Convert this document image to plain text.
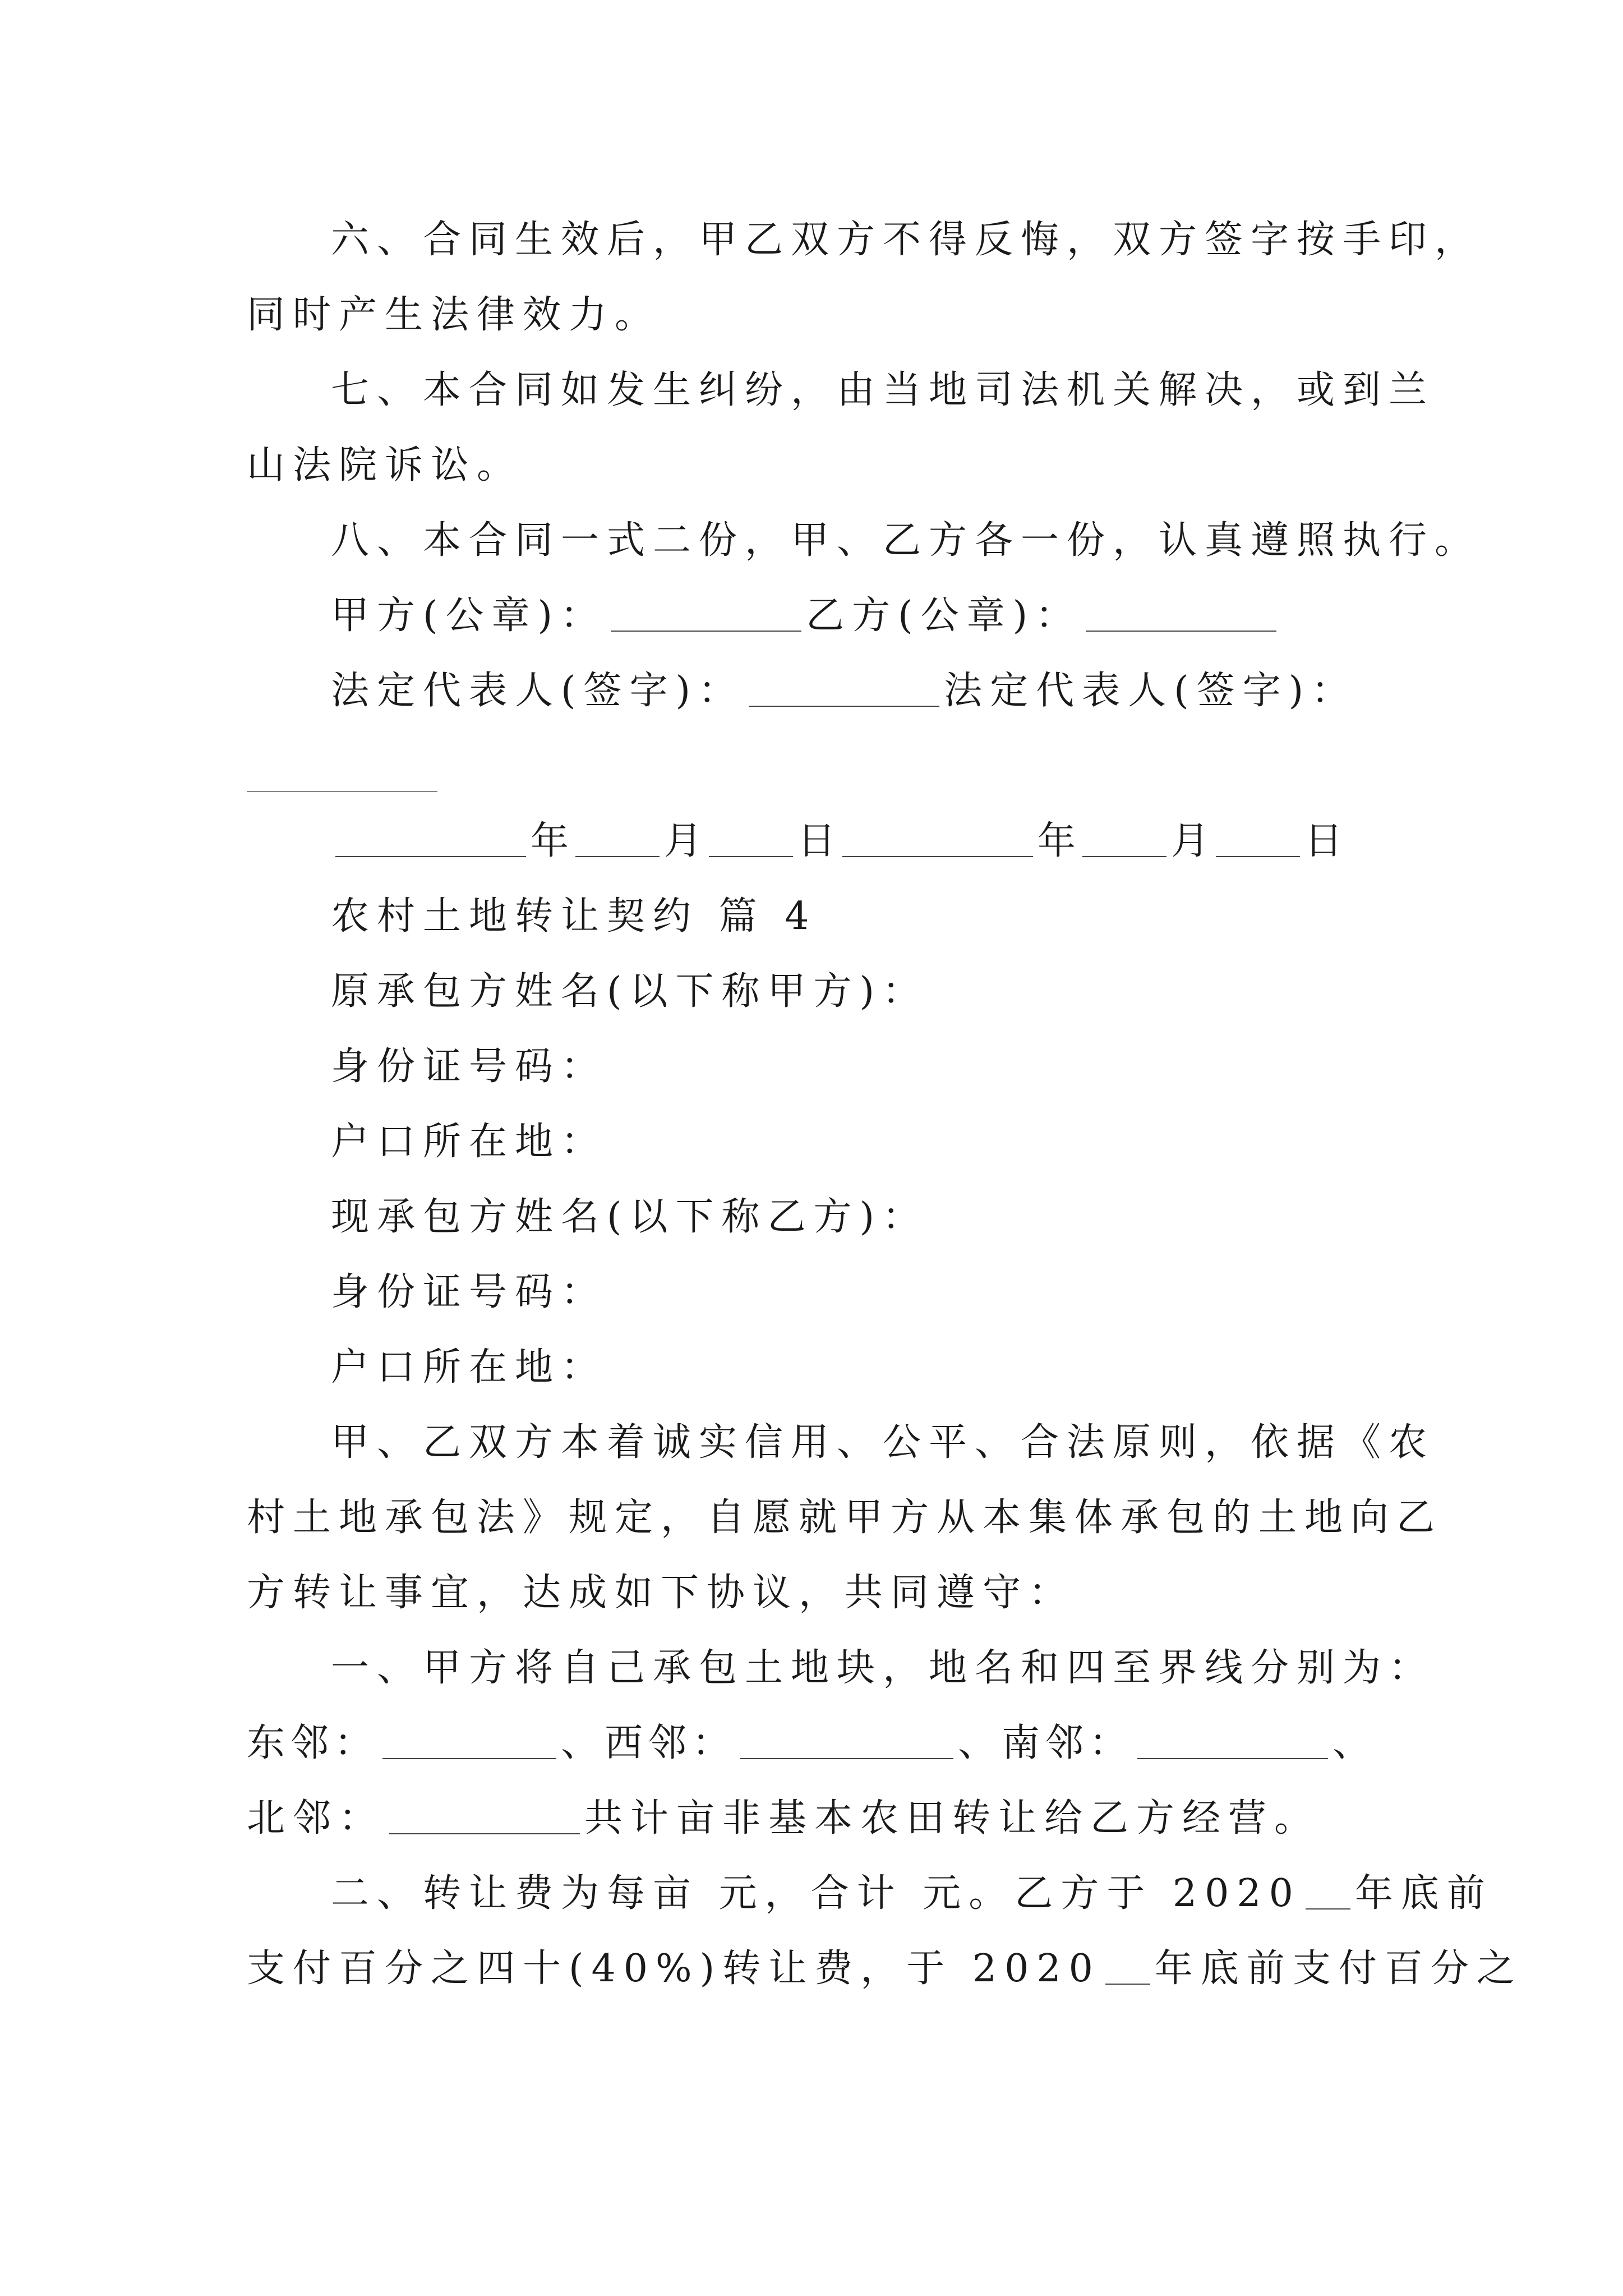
六、合同生效后，甲乙双方不得反悔，双方签字按手印，
同时产生法律效力。
七、本合同如发生纠纷，由当地司法机关解决，或到兰
山法院诉讼。
八、本合同一式二份，甲、乙方各一份，认真遵照执行。
甲方(公章)：	乙方(公章)：
法定代表人(签字)：	法定代表人(签字)：
年 月 日	年 月 日
农村土地转让契约 篇 4
原承包方姓名(以下称甲方)：
身份证号码：
户口所在地：
现承包方姓名(以下称乙方)：
身份证号码：
户口所在地：
甲、乙双方本着诚实信用、公平、合法原则，依据《农
村土地承包法》规定，自愿就甲方从本集体承包的土地向乙
方转让事宜，达成如下协议，共同遵守：
一、甲方将自己承包土地块，地名和四至界线分别为：
东邻：	、西邻：	、南邻：	、
北邻：	共计亩非基本农田转让给乙方经营。
二、转让费为每亩 元，合计 元。乙方于 2020 年底前
支付百分之四十(40%)转让费，于 2020 年底前支付百分之
